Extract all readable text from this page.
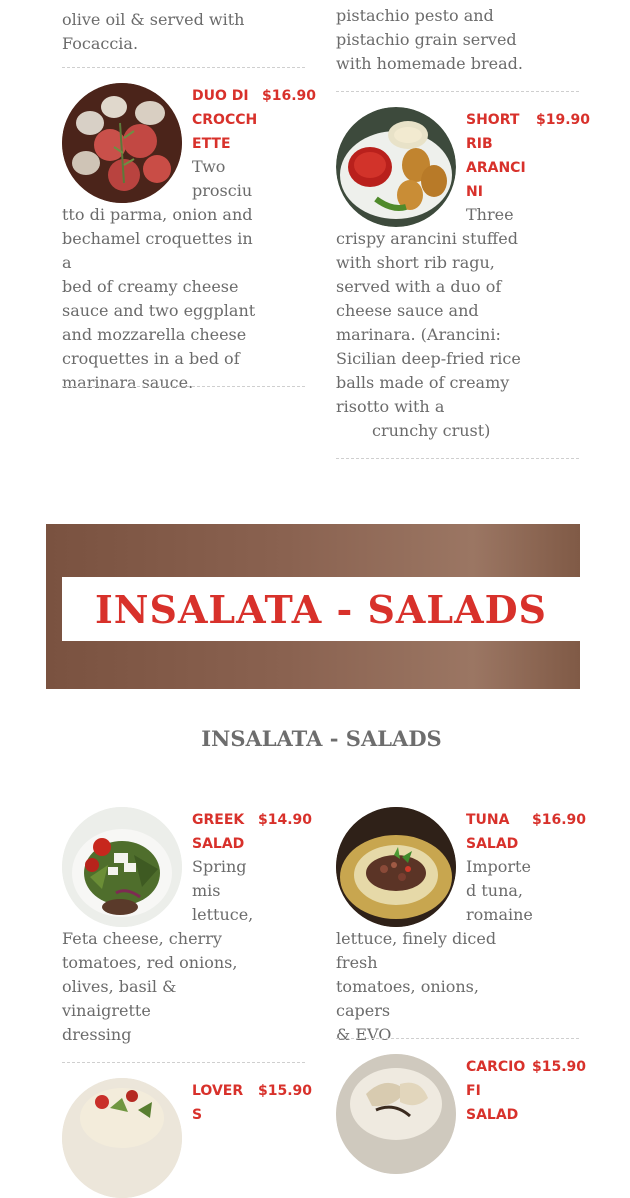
olive oil & served with
Focaccia.
pistachio pesto and
pistachio grain served
with homemade bread.
DUO DI
CROCCH
ETTE
$16.90
Two
prosciu
tto di parma, onion and
bechamel croquettes in a
bed of creamy cheese
sauce and two eggplant
and mozzarella cheese
croquettes in a bed of
marinara sauce.
SHORT
RIB
ARANCI
NI
$19.90
Three
crispy arancini stuffed
with short rib ragu,
served with a duo of
cheese sauce and
marinara. (Arancini:
Sicilian deep-fried rice
balls made of creamy
risotto with a
crunchy crust)
INSALATA - SALADS
INSALATA - SALADS
GREEK
SALAD
$14.90
Spring
mis
lettuce,
Feta cheese, cherry
tomatoes, red onions,
olives, basil & vinaigrette
dressing
TUNA
SALAD
$16.90
Importe
d tuna,
romaine
lettuce, finely diced fresh
tomatoes, onions, capers
& EVO
LOVER
S
$15.90
CARCIO
FI
SALAD
$15.90
